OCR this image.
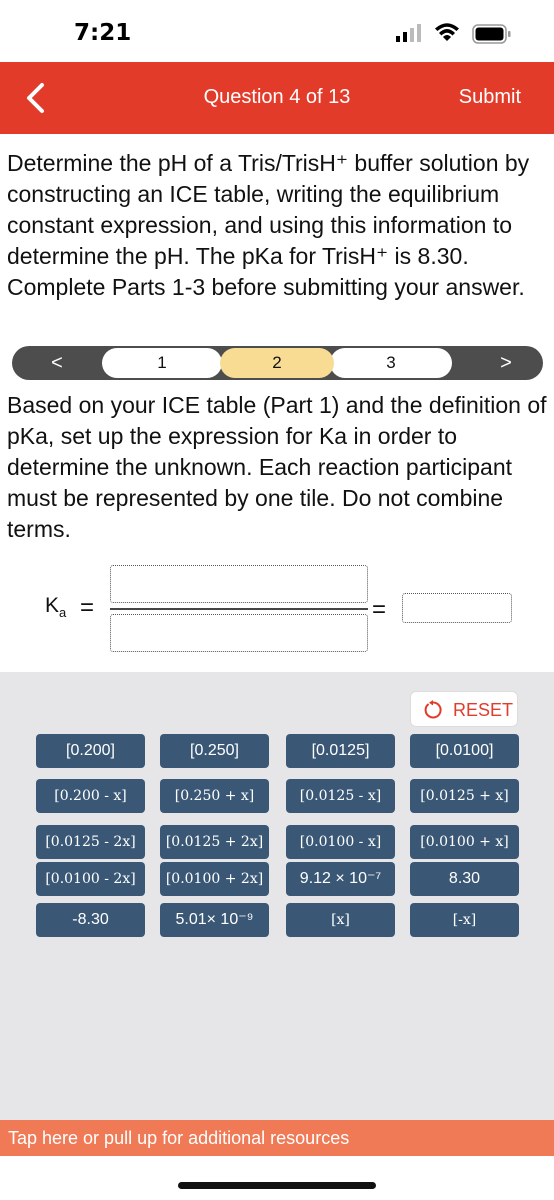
7:21
Question 4 of 13	Submit
Determine the pH of a Tris/TrisH⁺ buffer solution by constructing an ICE table, writing the equilibrium constant expression, and using this information to determine the pH. The pKa for TrisH⁺ is 8.30. Complete Parts 1-3 before submitting your answer.
<	1	3
2	>
Based on your ICE table (Part 1) and the definition of pKa, set up the expression for Ka in order to determine the unknown. Each reaction participant must be represented by one tile. Do not combine terms.
$K_a$ =	=
RESET
[0.200]	[0.250]	[0.0125]	[0.0100]
[0.200 - x]	[0.250 + x]	[0.0125 - x]	[0.0125 + x]
[0.0125 - 2x]	[0.0125 + 2x]	[0.0100 - x]	[0.0100 + x]
[0.0100 - 2x]	[0.0100 + 2x]	9.12 × 10⁻⁷	8.30
-8.30	5.01× 10⁻⁹	[x]	[-x]
Tap here or pull up for additional resources
